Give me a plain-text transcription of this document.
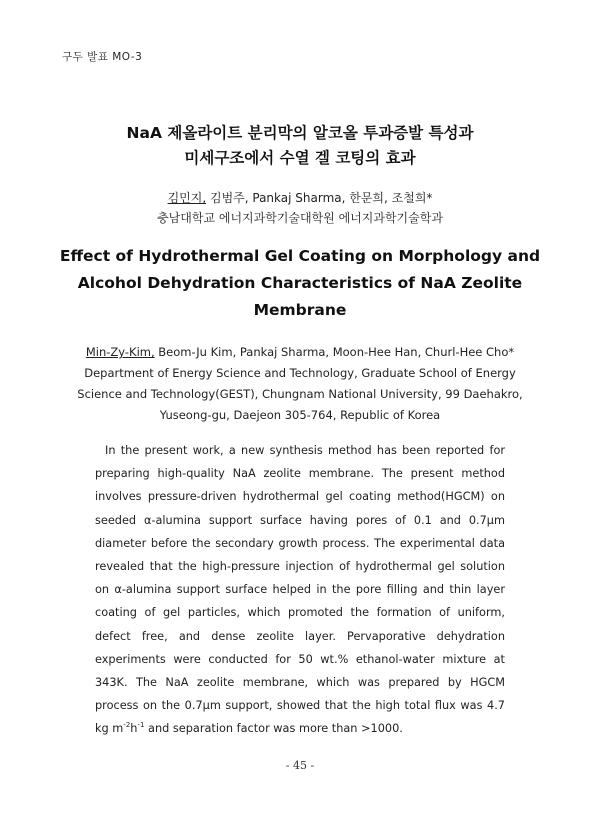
구두 발표 MO-3
NaA 제올라이트 분리막의 알코올 투과증발 특성과
미세구조에서 수열 겔 코팅의 효과
김민지, 김범주, Pankaj Sharma, 한문희, 조철희*
충남대학교 에너지과학기술대학원 에너지과학기술학과
Effect of Hydrothermal Gel Coating on Morphology and Alcohol Dehydration Characteristics of NaA Zeolite Membrane
Min-Zy-Kim, Beom-Ju Kim, Pankaj Sharma, Moon-Hee Han, Churl-Hee Cho* Department of Energy Science and Technology, Graduate School of Energy Science and Technology(GEST), Chungnam National University, 99 Daehakro, Yuseong-gu, Daejeon 305-764, Republic of Korea
In the present work, a new synthesis method has been reported for preparing high-quality NaA zeolite membrane. The present method involves pressure-driven hydrothermal gel coating method(HGCM) on seeded α-alumina support surface having pores of 0.1 and 0.7μm diameter before the secondary growth process. The experimental data revealed that the high-pressure injection of hydrothermal gel solution on α-alumina support surface helped in the pore filling and thin layer coating of gel particles, which promoted the formation of uniform, defect free, and dense zeolite layer. Pervaporative dehydration experiments were conducted for 50 wt.% ethanol-water mixture at 343K. The NaA zeolite membrane, which was prepared by HGCM process on the 0.7μm support, showed that the high total flux was 4.7 kg $m^{-2}h^{-1}$ and separation factor was more than >1000.
- 45 -
